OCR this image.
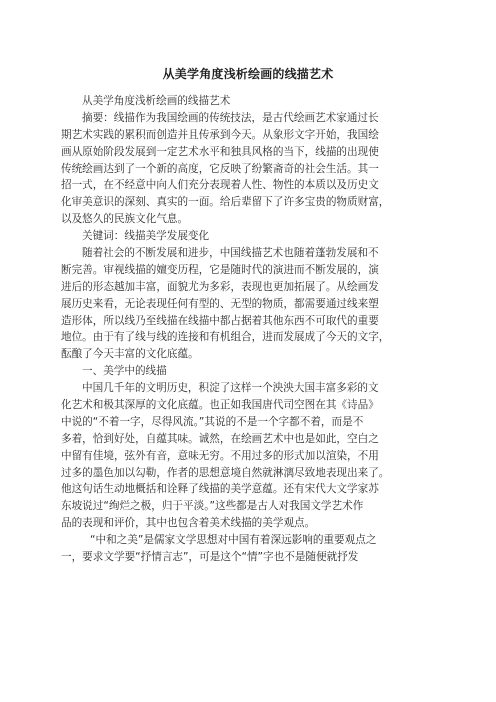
从美学角度浅析绘画的线描艺术
从美学角度浅析绘画的线描艺术
摘要：线描作为我国绘画的传统技法，是古代绘画艺术家通过长
期艺术实践的累积而创造并且传承到今天。从象形文字开始，我国绘
画从原始阶段发展到一定艺术水平和独具风格的当下，线描的出现使
传统绘画达到了一个新的高度，它反映了纷繁斋奇的社会生活。其一
招一式，在不经意中向人们充分表现着人性、物性的本质以及历史文
化审美意识的深刻、真实的一面。给后辈留下了许多宝贵的物质财富，
以及悠久的民族文化气息。
关键词：线描美学发展变化
随着社会的不断发展和进步，中国线描艺术也随着蓬勃发展和不
断完善。审视线描的嬗变历程，它是随时代的演进而不断发展的，演
进后的形态越加丰富，面貌尤为多彩，表现也更加拓展了。从绘画发
展历史来看，无论表现任何有型的、无型的物质，都需要通过线来塑
造形体，所以线乃至线描在线描中都占据着其他东西不可取代的重要
地位。由于有了线与线的连接和有机组合，进而发展成了今天的文字，
酝酿了今天丰富的文化底蕴。
一、美学中的线描
中国几千年的文明历史，积淀了这样一个泱泱大国丰富多彩的文
化艺术和极其深厚的文化底蕴。也正如我国唐代司空图在其《诗品》
中说的“不着一字，尽得风流。”其说的不是一个字都不着，而是不
多着，恰到好处，自蕴其味。诚然，在绘画艺术中也是如此，空白之
中留有佳境，弦外有音，意味无穷。不用过多的形式加以渲染，不用
过多的墨色加以勾勒，作者的思想意境自然就淋漓尽致地表现出来了。
他这句话生动地概括和诠释了线描的美学意蕴。还有宋代大文学家苏
东坡说过“绚烂之极，归于平淡。”这些都是古人对我国文学艺术作
品的表现和评价，其中也包含着美术线描的美学观点。
“中和之美”是儒家文学思想对中国有着深远影响的重要观点之
一，要求文学要“抒情言志”，可是这个“情”字也不是随便就抒发
